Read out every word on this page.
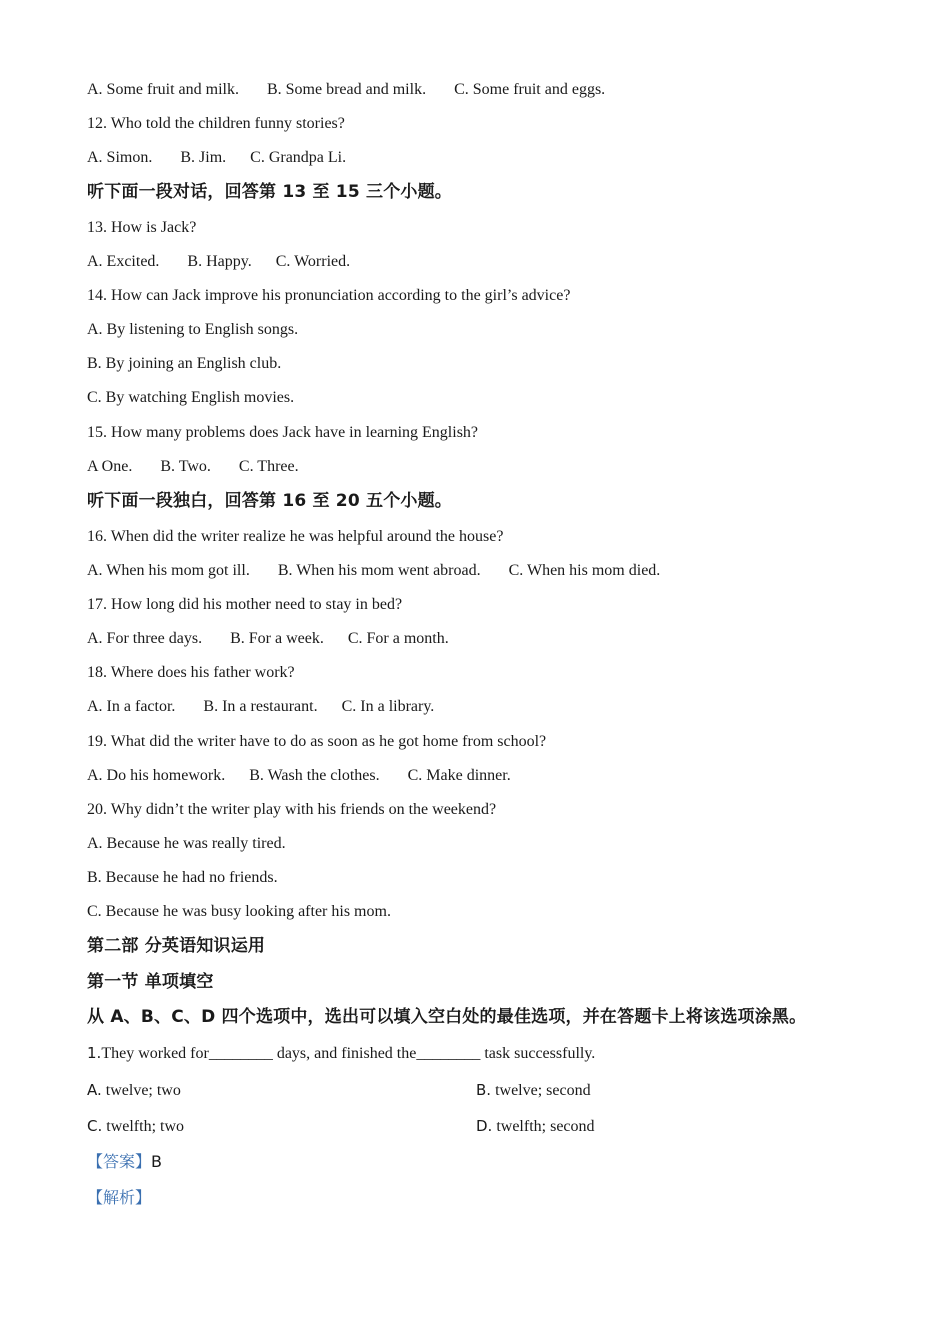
A. Some fruit and milk. B. Some bread and milk. C. Some fruit and eggs.
12. Who told the children funny stories?
A. Simon. B. Jim. C. Grandpa Li.
听下面一段对话，回答第 13 至 15 三个小题。
13. How is Jack?
A. Excited. B. Happy. C. Worried.
14. How can Jack improve his pronunciation according to the girl’s advice?
A. By listening to English songs.
B. By joining an English club.
C. By watching English movies.
15. How many problems does Jack have in learning English?
A One. B. Two. C. Three.
听下面一段独白，回答第 16 至 20 五个小题。
16. When did the writer realize he was helpful around the house?
A. When his mom got ill. B. When his mom went abroad. C. When his mom died.
17. How long did his mother need to stay in bed?
A. For three days. B. For a week. C. For a month.
18. Where does his father work?
A. In a factor. B. In a restaurant. C. In a library.
19. What did the writer have to do as soon as he got home from school?
A. Do his homework. B. Wash the clothes. C. Make dinner.
20. Why didn’t the writer play with his friends on the weekend?
A. Because he was really tired.
B. Because he had no friends.
C. Because he was busy looking after his mom.
第二部 分英语知识运用
第一节 单项填空
从 A、B、C、D 四个选项中，选出可以填入空白处的最佳选项，并在答题卡上将该选项涂黑。
1.They worked for________ days, and finished the________ task successfully.
A. twelve; two	B. twelve; second
C. twelfth; two	D. twelfth; second
【答案】B
【解析】
